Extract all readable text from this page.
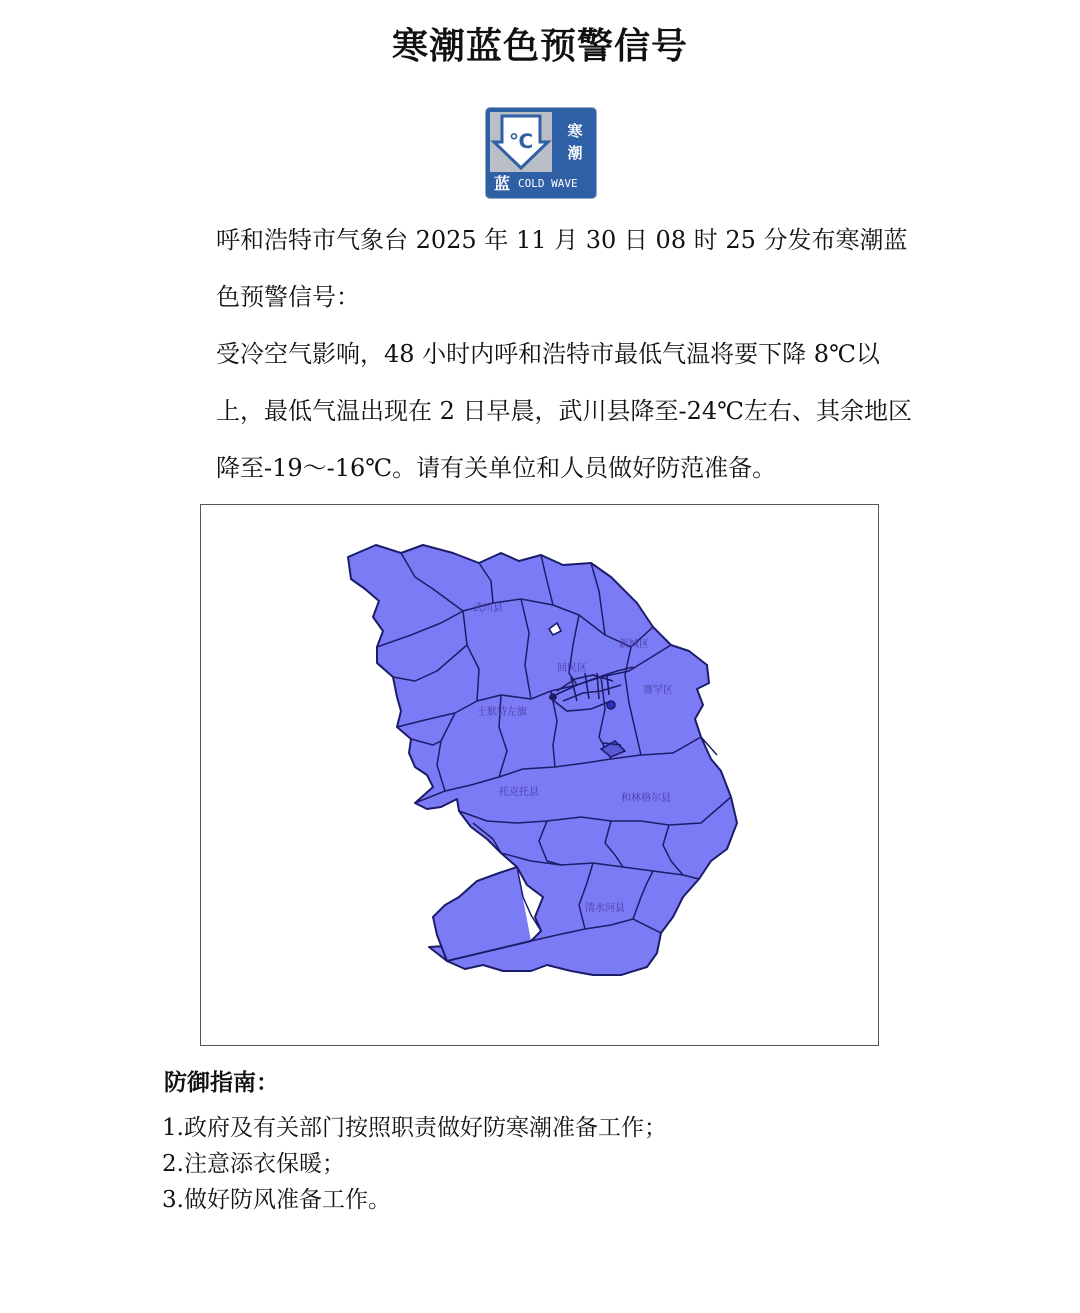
寒潮蓝色预警信号
℃	寒
潮
蓝 COLD WAVE
呼和浩特市气象台 2025 年 11 月 30 日 08 时 25 分发布寒潮蓝色预警信号：
受冷空气影响，48 小时内呼和浩特市最低气温将要下降 8℃以上，最低气温出现在 2 日早晨，武川县降至-24℃左右、其余地区降至-19～-16℃。请有关单位和人员做好防范准备。
武川县
新城区
回民区
赛罕区
土默特左旗
托克托县
和林格尔县
清水河县
防御指南：
1.政府及有关部门按照职责做好防寒潮准备工作；
2.注意添衣保暖；
3.做好防风准备工作。
